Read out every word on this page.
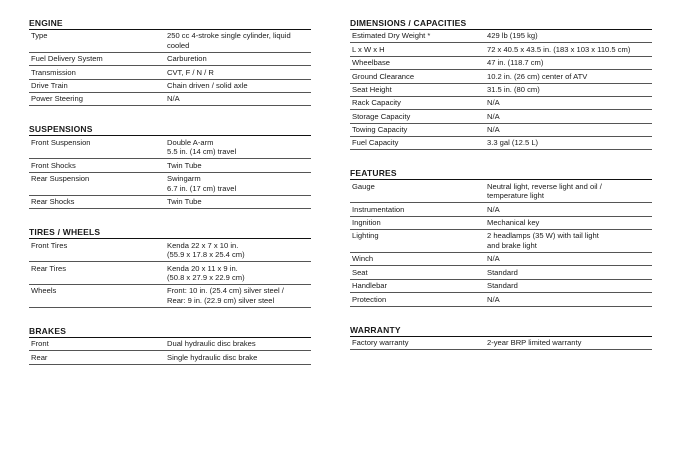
ENGINE
Type	250 cc 4-stroke single cylinder, liquid
cooled
Fuel Delivery System	Carburetion
Transmission	CVT, F / N / R
Drive Train	Chain driven / solid axle
Power Steering	N/A
SUSPENSIONS
Front Suspension	Double A-arm
5.5 in. (14 cm) travel
Front Shocks	Twin Tube
Rear Suspension	Swingarm
6.7 in. (17 cm) travel
Rear Shocks	Twin Tube
TIRES / WHEELS
Front Tires	Kenda 22 x 7 x 10 in.
(55.9 x 17.8 x 25.4 cm)
Rear Tires	Kenda 20 x 11 x 9 in.
(50.8 x 27.9 x 22.9 cm)
Wheels	Front: 10 in. (25.4 cm) silver steel /
Rear: 9 in. (22.9 cm) silver steel
BRAKES
Front	Dual hydraulic disc brakes
Rear	Single hydraulic disc brake
DIMENSIONS / CAPACITIES
Estimated Dry Weight *	429 lb (195 kg)
L x W x H	72 x 40.5 x 43.5 in. (183 x 103 x 110.5 cm)
Wheelbase	47 in. (118.7 cm)
Ground Clearance	10.2 in. (26 cm) center of ATV
Seat Height	31.5 in. (80 cm)
Rack Capacity	N/A
Storage Capacity	N/A
Towing Capacity	N/A
Fuel Capacity	3.3 gal (12.5 L)
FEATURES
Gauge	Neutral light, reverse light and oil /
temperature light
Instrumentation	N/A
Ingnition	Mechanical key
Lighting	2 headlamps (35 W) with tail light
and brake light
Winch	N/A
Seat	Standard
Handlebar	Standard
Protection	N/A
WARRANTY
Factory warranty	2-year BRP limited warranty
